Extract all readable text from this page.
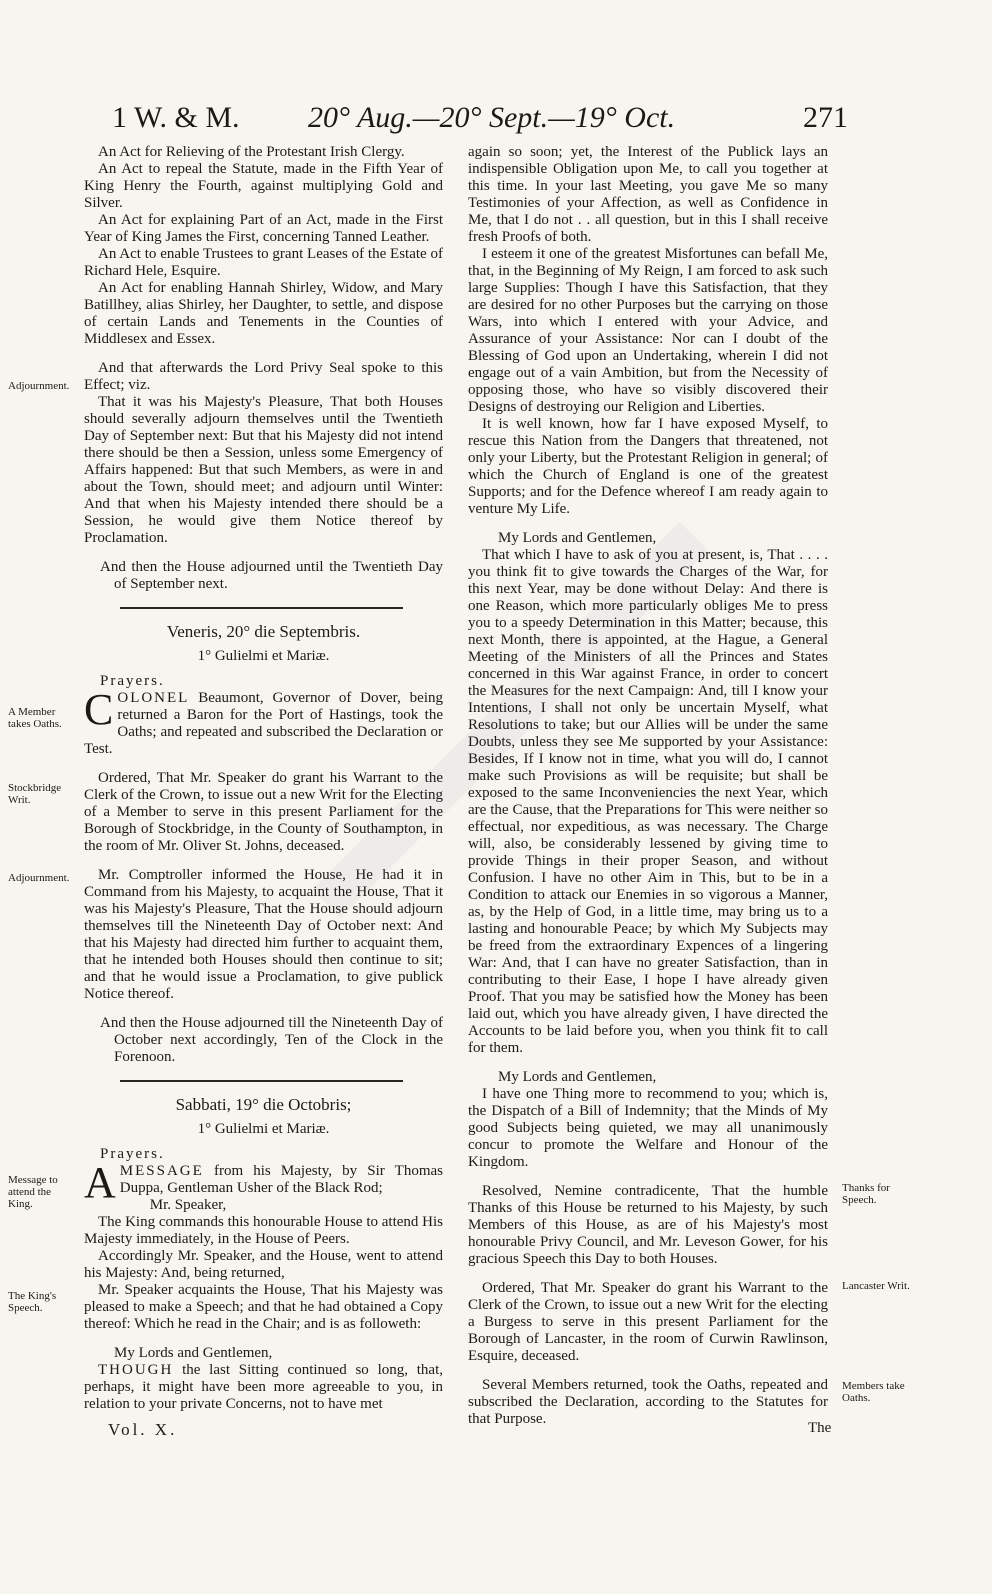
1 W. & M. 20° Aug.—20° Sept.—19° Oct.	271
Adjournment.
A Member takes Oaths.
Stockbridge Writ.
Adjournment.
Message to attend the King.
The King's Speech.
Thanks for Speech.
Lancaster Writ.
Members take Oaths.

An Act for Relieving of the Protestant Irish Clergy.

An Act to repeal the Statute, made in the Fifth Year of King Henry the Fourth, against multiplying Gold and Silver.

An Act for explaining Part of an Act, made in the First Year of King James the First, concerning Tanned Leather.

An Act to enable Trustees to grant Leases of the Estate of Richard Hele, Esquire.

An Act for enabling Hannah Shirley, Widow, and Mary Batillhey, alias Shirley, her Daughter, to settle, and dispose of certain Lands and Tenements in the Counties of Middlesex and Essex.

And that afterwards the Lord Privy Seal spoke to this Effect; viz.

That it was his Majesty's Pleasure, That both Houses should severally adjourn themselves until the Twentieth Day of September next: But that his Majesty did not intend there should be then a Session, unless some Emergency of Affairs happened: But that such Members, as were in and about the Town, should meet; and adjourn until Winter: And that when his Majesty intended there should be a Session, he would give them Notice thereof by Proclamation.

And then the House adjourned until the Twentieth Day of September next.

Veneris, 20° die Septembris.

1° Gulielmi et Mariæ.

Prayers.

COLONEL Beaumont, Governor of Dover, being returned a Baron for the Port of Hastings, took the Oaths; and repeated and subscribed the Declaration or Test.

Ordered, That Mr. Speaker do grant his Warrant to the Clerk of the Crown, to issue out a new Writ for the Electing of a Member to serve in this present Parliament for the Borough of Stockbridge, in the County of Southampton, in the room of Mr. Oliver St. Johns, deceased.

Mr. Comptroller informed the House, He had it in Command from his Majesty, to acquaint the House, That it was his Majesty's Pleasure, That the House should adjourn themselves till the Nineteenth Day of October next: And that his Majesty had directed him further to acquaint them, that he intended both Houses should then continue to sit; and that he would issue a Proclamation, to give publick Notice thereof.

And then the House adjourned till the Nineteenth Day of October next accordingly, Ten of the Clock in the Forenoon.

Sabbati, 19° die Octobris;

1° Gulielmi et Mariæ.

Prayers.

AMESSAGE from his Majesty, by Sir Thomas Duppa, Gentleman Usher of the Black Rod;

Mr. Speaker,

The King commands this honourable House to attend His Majesty immediately, in the House of Peers.

Accordingly Mr. Speaker, and the House, went to attend his Majesty: And, being returned,

Mr. Speaker acquaints the House, That his Majesty was pleased to make a Speech; and that he had obtained a Copy thereof: Which he read in the Chair; and is as followeth:

My Lords and Gentlemen,

THOUGH the last Sitting continued so long, that, perhaps, it might have been more agreeable to you, in relation to your private Concerns, not to have met

Vol. X.

again so soon; yet, the Interest of the Publick lays an indispensible Obligation upon Me, to call you together at this time. In your last Meeting, you gave Me so many Testimonies of your Affection, as well as Confidence in Me, that I do not . . all question, but in this I shall receive fresh Proofs of both.

I esteem it one of the greatest Misfortunes can befall Me, that, in the Beginning of My Reign, I am forced to ask such large Supplies: Though I have this Satisfaction, that they are desired for no other Purposes but the carrying on those Wars, into which I entered with your Advice, and Assurance of your Assistance: Nor can I doubt of the Blessing of God upon an Undertaking, wherein I did not engage out of a vain Ambition, but from the Necessity of opposing those, who have so visibly discovered their Designs of destroying our Religion and Liberties.

It is well known, how far I have exposed Myself, to rescue this Nation from the Dangers that threatened, not only your Liberty, but the Protestant Religion in general; of which the Church of England is one of the greatest Supports; and for the Defence whereof I am ready again to venture My Life.

My Lords and Gentlemen,

That which I have to ask of you at present, is, That . . . . you think fit to give towards the Charges of the War, for this next Year, may be done without Delay: And there is one Reason, which more particularly obliges Me to press you to a speedy Determination in this Matter; because, this next Month, there is appointed, at the Hague, a General Meeting of the Ministers of all the Princes and States concerned in this War against France, in order to concert the Measures for the next Campaign: And, till I know your Intentions, I shall not only be uncertain Myself, what Resolutions to take; but our Allies will be under the same Doubts, unless they see Me supported by your Assistance: Besides, If I know not in time, what you will do, I cannot make such Provisions as will be requisite; but shall be exposed to the same Inconveniencies the next Year, which are the Cause, that the Preparations for This were neither so effectual, nor expeditious, as was necessary. The Charge will, also, be considerably lessened by giving time to provide Things in their proper Season, and without Confusion. I have no other Aim in This, but to be in a Condition to attack our Enemies in so vigorous a Manner, as, by the Help of God, in a little time, may bring us to a lasting and honourable Peace; by which My Subjects may be freed from the extraordinary Expences of a lingering War: And, that I can have no greater Satisfaction, than in contributing to their Ease, I hope I have already given Proof. That you may be satisfied how the Money has been laid out, which you have already given, I have directed the Accounts to be laid before you, when you think fit to call for them.

My Lords and Gentlemen,

I have one Thing more to recommend to you; which is, the Dispatch of a Bill of Indemnity; that the Minds of My good Subjects being quieted, we may all unanimously concur to promote the Welfare and Honour of the Kingdom.

Resolved, Nemine contradicente, That the humble Thanks of this House be returned to his Majesty, by such Members of this House, as are of his Majesty's most honourable Privy Council, and Mr. Leveson Gower, for his gracious Speech this Day to both Houses.

Ordered, That Mr. Speaker do grant his Warrant to the Clerk of the Crown, to issue out a new Writ for the electing a Burgess to serve in this present Parliament for the Borough of Lancaster, in the room of Curwin Rawlinson, Esquire, deceased.

Several Members returned, took the Oaths, repeated and subscribed the Declaration, according to the Statutes for that Purpose.

The
